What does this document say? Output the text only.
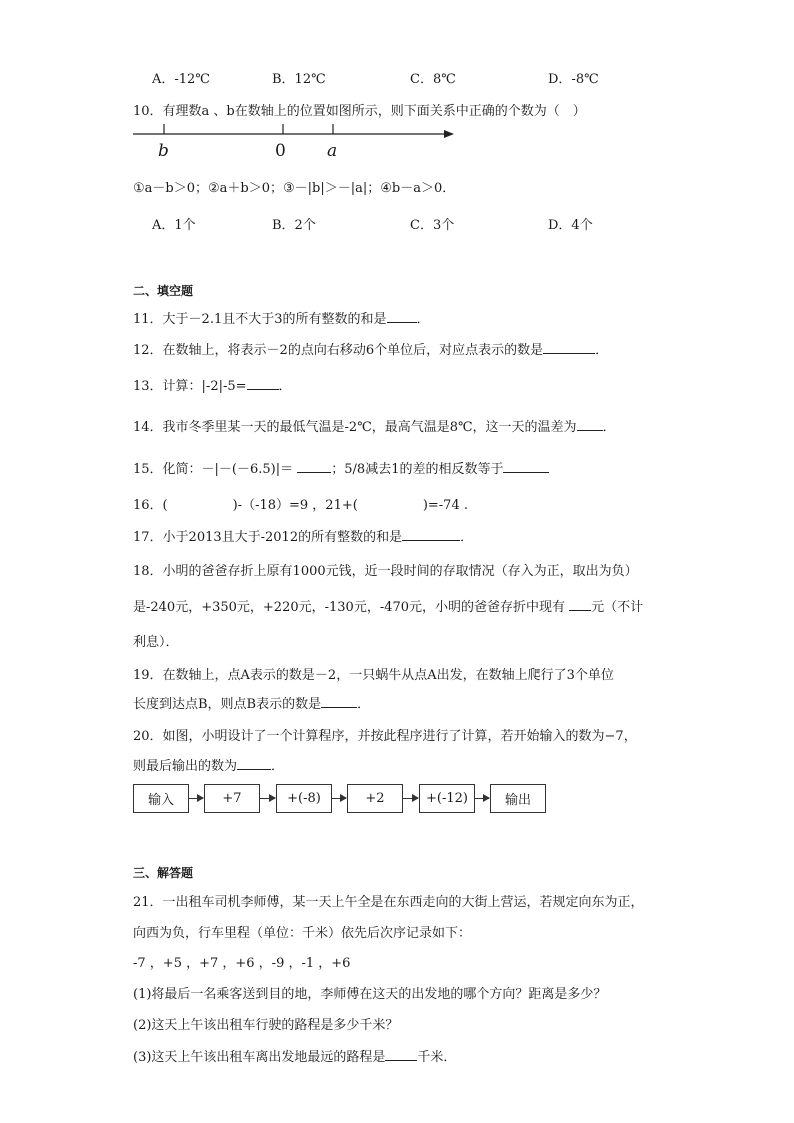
A．-12℃	B．12℃	C．8℃	D．-8℃
10．有理数a 、b在数轴上的位置如图所示，则下面关系中正确的个数为（　）
b	0 a
①a－b＞0；②a＋b＞0；③－|b|＞－|a|；④b－a＞0．
A．1个	B．2个	C．3个	D．4个
二、填空题
11．大于－2.1且不大于3的所有整数的和是 ．
12．在数轴上，将表示－2的点向右移动6个单位后，对应点表示的数是	．
13．计算：|-2|-5= ．
14．我市冬季里某一天的最低气温是-2℃，最高气温是8℃，这一天的温差为 ．
15．化简：－|－(－6.5)|＝	；5/8减去1的差的相反数等于
16．(　　　　　)-（-18）=9 ，21+(　　　　　)=-74 .
17．小于2013且大于-2012的所有整数的和是	．
18．小明的爸爸存折上原有1000元钱，近一段时间的存取情况（存入为正，取出为负）
是-240元，+350元，+220元，-130元，-470元，小明的爸爸存折中现有 元（不计
利息）．
19．在数轴上，点A表示的数是－2，一只蜗牛从点A出发，在数轴上爬行了3个单位
长度到达点B，则点B表示的数是	．
20．如图，小明设计了一个计算程序，并按此程序进行了计算，若开始输入的数为−7，
则最后输出的数为	．
输入	+7	+(-8)	+2	+(-12)	输出
三、解答题
21．一出租车司机李师傅，某一天上午全是在东西走向的大街上营运，若规定向东为正，
向西为负，行车里程（单位：千米）依先后次序记录如下：
-7 ，+5 ，+7 ，+6 ，-9 ，-1 ，+6
(1)将最后一名乘客送到目的地，李师傅在这天的出发地的哪个方向？距离是多少？
(2)这天上午该出租车行驶的路程是多少千米？
(3)这天上午该出租车离出发地最远的路程是 千米．
